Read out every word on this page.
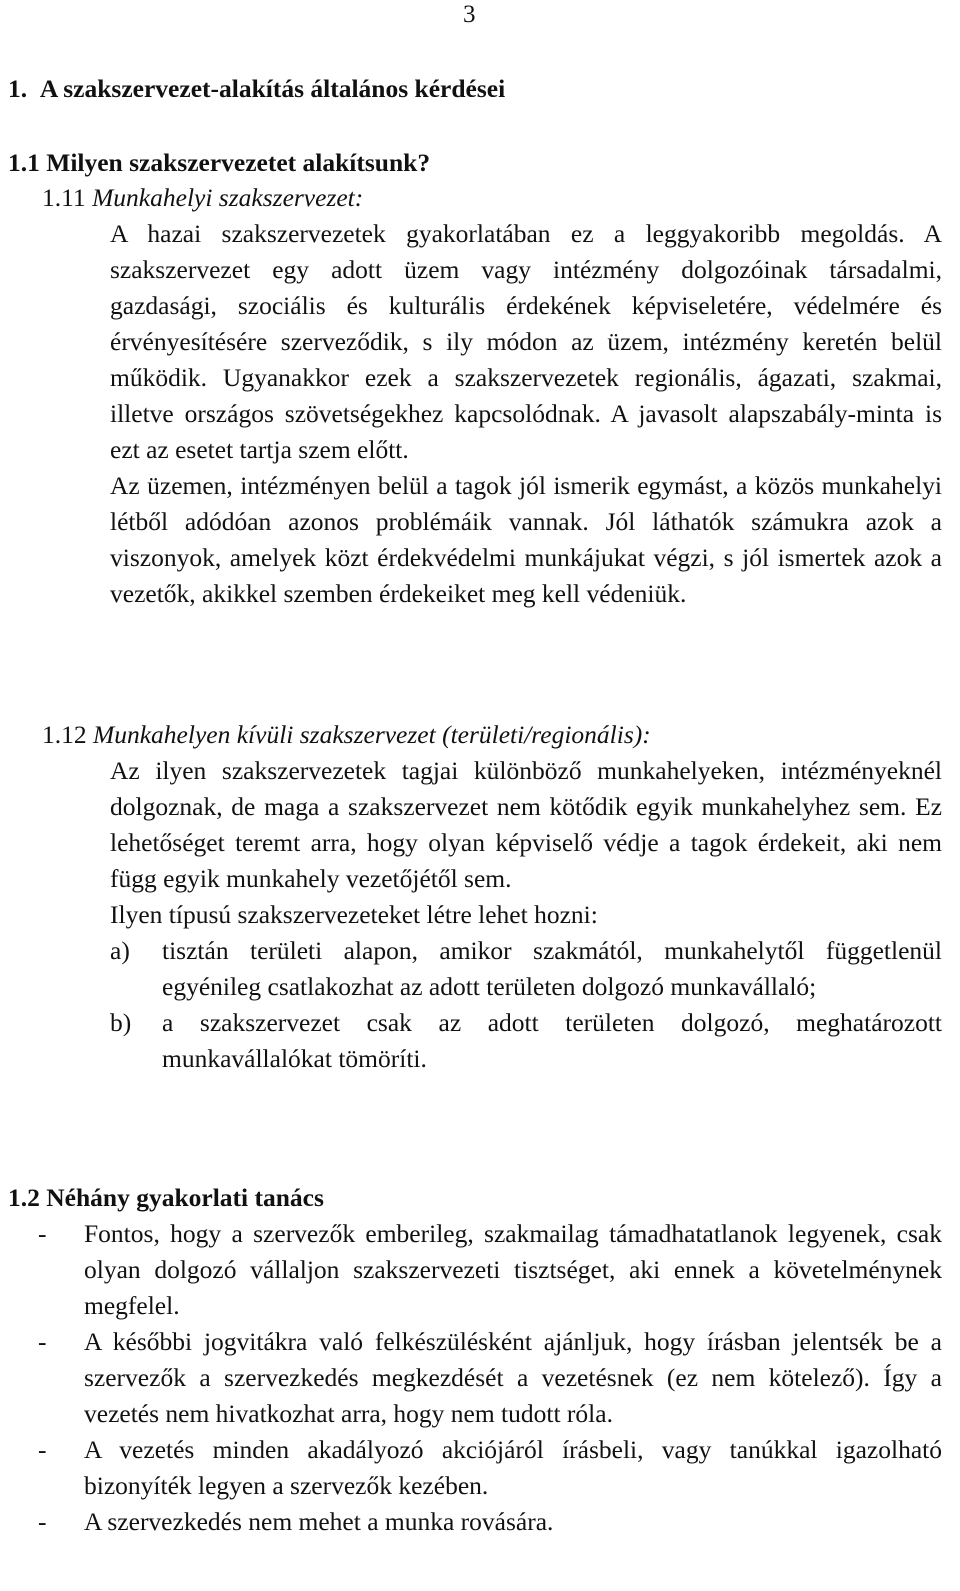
3
1. A szakszervezet-alakítás általános kérdései
1.1 Milyen szakszervezetet alakítsunk?
1.11 Munkahelyi szakszervezet:

A hazai szakszervezetek gyakorlatában ez a leggyakoribb megoldás. A szakszervezet egy adott üzem vagy intézmény dolgozóinak társadalmi, gazdasági, szociális és kulturális érdekének képviseletére, védelmére és érvényesítésére szerveződik, s ily módon az üzem, intézmény keretén belül működik. Ugyanakkor ezek a szakszervezetek regionális, ágazati, szakmai, illetve országos szövetségekhez kapcsolódnak. A javasolt alapszabály-minta is ezt az esetet tartja szem előtt.

Az üzemen, intézményen belül a tagok jól ismerik egymást, a közös munkahelyi létből adódóan azonos problémáik vannak. Jól láthatók számukra azok a viszonyok, amelyek közt érdekvédelmi munkájukat végzi, s jól ismertek azok a vezetők, akikkel szemben érdekeiket meg kell védeniük.

1.12 Munkahelyen kívüli szakszervezet (területi/regionális):

Az ilyen szakszervezetek tagjai különböző munkahelyeken, intézményeknél dolgoznak, de maga a szakszervezet nem kötődik egyik munkahelyhez sem. Ez lehetőséget teremt arra, hogy olyan képviselő védje a tagok érdekeit, aki nem függ egyik munkahely vezetőjétől sem.

Ilyen típusú szakszervezeteket létre lehet hozni:

a)	tisztán területi alapon, amikor szakmától, munkahelytől függetlenül egyénileg csatlakozhat az adott területen dolgozó munkavállaló;
b)	a szakszervezet csak az adott területen dolgozó, meghatározott munkavállalókat tömöríti.
1.2 Néhány gyakorlati tanács
-	Fontos, hogy a szervezők emberileg, szakmailag támadhatatlanok legyenek, csak olyan dolgozó vállaljon szakszervezeti tisztséget, aki ennek a követelménynek megfelel.
-	A későbbi jogvitákra való felkészülésként ajánljuk, hogy írásban jelentsék be a szervezők a szervezkedés megkezdését a vezetésnek (ez nem kötelező). Így a vezetés nem hivatkozhat arra, hogy nem tudott róla.
-	A vezetés minden akadályozó akciójáról írásbeli, vagy tanúkkal igazolható bizonyíték legyen a szervezők kezében.
-	A szervezkedés nem mehet a munka rovására.
